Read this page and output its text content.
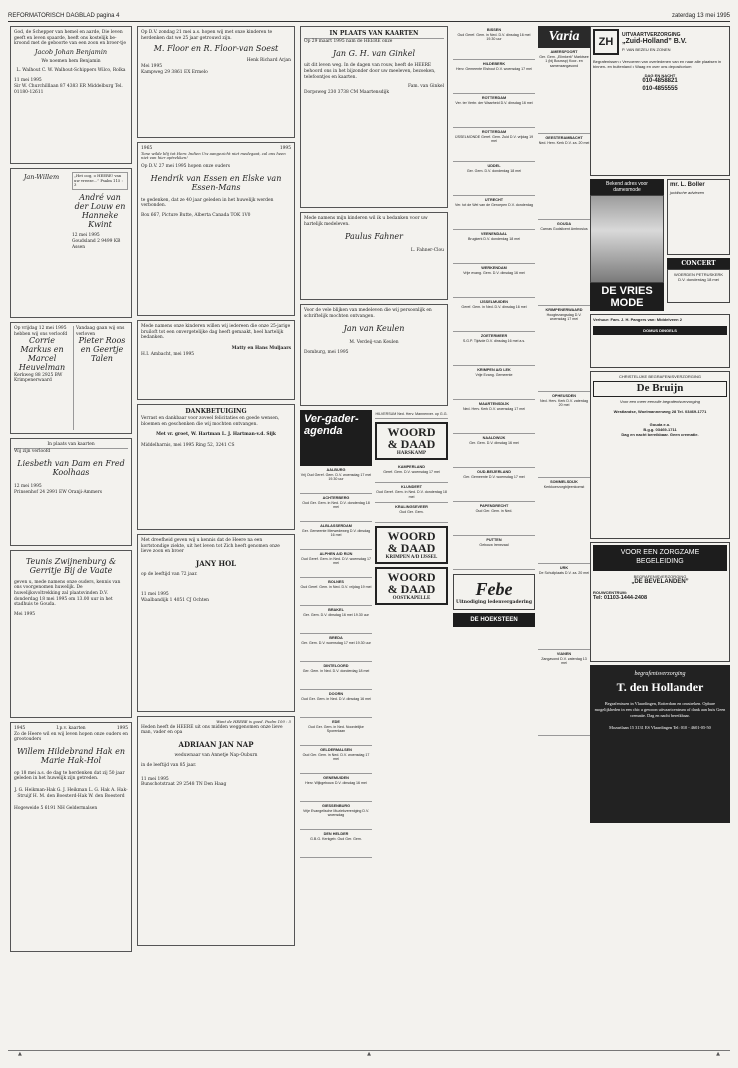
REFORMATORISCH DAGBLAD pagina 4	zaterdag 13 mei 1995
God, de Schepper van hemel en aarde, Die leven geeft en leven spaarde, heeft ons kostelijk be-kroond met de geboorte van een zoon en broer-tje
Jacob Johan Benjamin
We noemen hem Benjamin
L. Walhout C. W. Walhout-Schippers Wilco, Rolka
11 mei 1995
Sir W. Churchilllaan 87 4383 ER Middelburg Tel. 01180-12611
Jan-Willem	„Het oog, o HEERE! van uw vreeze...” Psalm 115 : 3
André van der Louw en Hanneke Kwint
12 mei 1995
Goudsland 2 9499 KB Assen
Op vrijdag 12 mei 1995 hebben wij ons verloofd
Corrie Markus en Marcel Heuvelman
Kerkweg 88 2925 BW Krimpenerwaard
Vandaag gaan wij ons verloven
Pieter Roos en Geertje Talen
In plaats van kaarten
Wij zijn verloofd
Liesbeth van Dam en Fred Koolhaas
12 mei 1995
Prinsenhof 24 2991 EW Oranji-Ammers
Teunis Zwijnenburg & Gerritje Bij de Vaate
geven u, mede namens onze ouders, kennis van ons voorgenomen huwelijk. De huwelijksvoltrekking zal plaatsvinden D.V. donderdag 18 mei 1995 om 13.00 uur in het stadhuis te Gouda.
Mei 1995
1945	I.p.v. kaarten	1995
Zo de Heere wil en wij leven hopen onze ouders en grootouders
Willem Hildebrand Hak en Marie Hak-Hol
op 18 mei a.s. de dag te herdenken dat zij 50 jaar geleden in het huwelijk zijn getreden.
J. G. Heikman-Hak G. J. Heikman L. G. Hak A. Hak-Struijf H. M. den Boesterd-Hak W. den Boesterd
Hogeweide 5 6191 NH Geldermalsen
Op D.V. zondag 21 mei a.s. hopen wij met onze kinderen te herdenken dat we 25 jaar getrouwd zijn.
M. Floor en R. Floor-van Soest
Henk Richard Arjan
Mei 1995
Kampweg 29 3861 EX Ermelo
1965	1995
Tone wilde blij tot Hem: Indien Uw aangezicht niet medegaat, zal ons heen niet van hier optrekken!
Op D.V. 27 mei 1995 hopen onze ouders
Hendrik van Essen en Elske van Essen-Mans
te gedenken, dat ze 40 jaar geleden in het huwelijk werden verbonden.
Box 667, Picture Butte, Alberta Canada TOK 1V0
Mede namens onze kinderen willen wij iedereen die onze 25-jarige bruiloft tot een onvergetelijke dag heeft gemaakt, heel hartelijk bedanken.
Matty en Hans Muljaars
H.I. Ambacht, mei 1995
DANKBETUIGING
Verrast en dankbaar voor zoveel felicitaties en goede wensen, bloemen en geschenken die wij mochten ontvangen.
Met vr. groet, W. Hartman L. J. Hartman-v.d. Sijk
Middelharnis, mei 1995 Ring 52, 3241 CS
Met dreefheid geven wij u kennis dat de Heere na een kortstondige ziekte, uit het leven tot Zich heeft genomen onze lieve zoon en broer
JANY HOL
op de leeftijd van 72 jaar.
11 mei 1995
Waalbandijk 1 4051 CJ Ochten
Want de HEERE is goed. Psalm 100 : 5
Heden heeft de HEERE uit ons midden weggenomen onze lieve man, vader en opa
ADRIAAN JAN NAP
weduwnaar van Annetje Nap-Ouburn
in de leeftijd van 85 jaar.
11 mei 1995
Bunschotstraat 29 2548 TN Den Haag
IN PLAATS VAN KAARTEN
Op 29 maart 1995 nam de HEERE onze
Jan G. H. van Ginkel
uit dit leven weg. In de dagen van rouw, heeft de HEERE behoord ons in het bijzonder door uw meeleven, bezoeken, telefoontjes en kaarten.
Fam. van Ginkel
Dorpsweg 230 3738 CM Maartensdijk
Mede namens mijn kinderen wil ik u bedanken voor uw hartelijk medeleven.
Paulus Fahner
L. Fahner-Clou
Voor de vele blijken van medeleven die wij persoonlijk en schriftelijk mochten ontvangen.
Jan van Keulen
M. Verdeij-van Keulen
Domburg, mei 1995
Ver-gader-agenda
AALBURG
Vrij Oud Geref. Gem. D.V. woensdag 17 mei 19.30 uur
ACHTERBERG
Oud Ger. Gem. in Ned. D.V. donderdag 18 mei
ALBLASSERDAM
Ger. Gemeente Merwedeweg D.V. dinsdag 16 mei
ALPHEN A/D RIJN
Oud Geref. Gem. in Ned. D.V. woensdag 17 mei
BOLNES
Oud Geref. Gem. in Ned. D.V. vrijdag 19 mei
BRAKEL
Ger. Gem. D.V. dinsdag 16 mei 19.30 uur
BREDA
Ger. Gem. D.V. woensdag 17 mei 19.30 uur
DINTELOORD
Ger. Gem. in Ned. D.V. donderdag 18 mei
DOORN
Oud Ger. Gem. in Ned. D.V. dinsdag 16 mei
EDE
Oud Ger. Gem. in Ned. Noordelijke Sporenlaan
GELDERMALSEN
Oud Ger. Gem. in Ned. D.V. woensdag 17 mei
GENEMUIDEN
Herv. Wijkgebouw D.V. dinsdag 16 mei
GIESSENBURG
Vrije Evangelische Muziekvereniging D.V. woensdag
DEN HELDER
G.B.G. Kerkgeb. Oud Ger. Gem.
HILVERSUM Ned. Herv. Mannenver. op G.G.
WOORD
& DAAD
HARSKAMP
KAMPERLAND
Geref. Gem. D.V. woensdag 17 mei
KLUNDERT
Oud Geref. Gem. in Ned. D.V. donderdag 18 mei
KRALINGSEVEER
Oud Ger. Gem.
WOORD
& DAAD
KRIMPEN A/D IJSSEL
WOORD
& DAAD
OOSTKAPELLE
BISSEN
Oud Geref. Gem. in Ned. D.V. dinsdag 16 mei 19.30 uur
HILDEBERK
Herv. Gemeente Elshout D.V. woensdag 17 mei
ROTTERDAM
Ver. ter Verbr. der Waarheid D.V. dinsdag 16 mei
ROTTERDAM
IJSSELMONDE Geref. Gem. Zuid D.V. vrijdag 19 mei
UDDEL
Ger. Gem. D.V. donderdag 18 mei
UTRECHT
Ver. tot de Wel van de Geroepen D.V. donderdag
VEENENDAAL
Brugkerk D.V. donderdag 18 mei
WERKENDAM
Vrije evang. Gem. D.V. dinsdag 16 mei
IJSSELMUIDEN
Geref. Gem. in Ned. D.V. dinsdag 16 mei
ZOETERMEER
S.G.P. Tijdvde D.V. dinsdag 16 mei a.s.
KRIMPEN A/D LEK
Vrije Evang. Gemeente
MAARTENSDIJK
Ned. Herv. Kerk D.V. woensdag 17 mei
NAALDWIJK
Ger. Gem. D.V. dinsdag 16 mei
OUD-BEIJERLAND
Ger. Gemeente D.V. woensdag 17 mei
PAPENDRECHT
Oud Ger. Gem. in Ned.
PUTTEN
Gebouw Irenezaal
Febe
Uitnodiging ledenvergadering
DE HOEKSTEEN
Varia
AMERSFOORT
Ger. Gem. „Elimkerk” Marktsee 1 (bij Bouwsp) Koor- en samenzangavond
GEESTERAMBACHT
Ned. Herv. Kerk D.V. za. 20 mei
GOUDA
Carnas Godslicent Ambrosius
KRIMPENERWAARD
Hoogtezangsdag D.V. woensdag 17 mei
OPHEUSDEN
Ned. Herv. Kerk D.V. zaterdag 20 mei
SOMMELSDIJK
Kerkkoerzorgbijeenkomst
URK
De Schuilplaats D.V. za. 20 mei
VIANEN
Zangavond D.V. zaterdag 13 mei
ZH
UITVAARTVERZORGING
„Zuid-Holland” B.V.
P. VAN BEZEU EN ZONEN
Begrafenissen • Vervoeren van overledenen van en naar alle plaatsen in binnen- en buitenland • Waag en over ons depositorium
DAG EN NACHT
010-4858821
010-4855555
Bekend adres voor damesmode
DE VRIES
MODE
mr. L. Boller
juridische adviezen
CONCERT
WOERDEN PETRUSKERK D.V. donderdag 18 mei
Verhuur: Fam. J. H. Pangers van: Middelveen 2
DOMUS DINGELS
CHRISTELIJKE BEGRAFENISVERZORGING
De Bruijn
Voor een meer eervolle begrafenisverzorging
Westlandse, Woelmannenweg 28 Tel. 03469-1771
Gouda e.o.
B.g.g. 03469-1711
Dag en nacht bereikbaar. Geen crematie.
VOOR EEN ZORGZAME BEGELEIDING
BEGRAFENISVERZORGING
„DE BEVELANDEN”
ROUWCENTRUM:
Tel: 01103-1444-2408
begrafenisverzorging
T. den Hollander
Begrafenissen in Vlaardingen, Rotterdam en omstreken. Opbare mogelijkheden in een chic a gewoon uitvaartcentrum of dank aan huis Geen crematie. Dag en nacht bereikbaar.
Mozartlaan 15 3131 ES Vlaardingen Tel: 010 - 4601-05-50
▲	▲	▲
